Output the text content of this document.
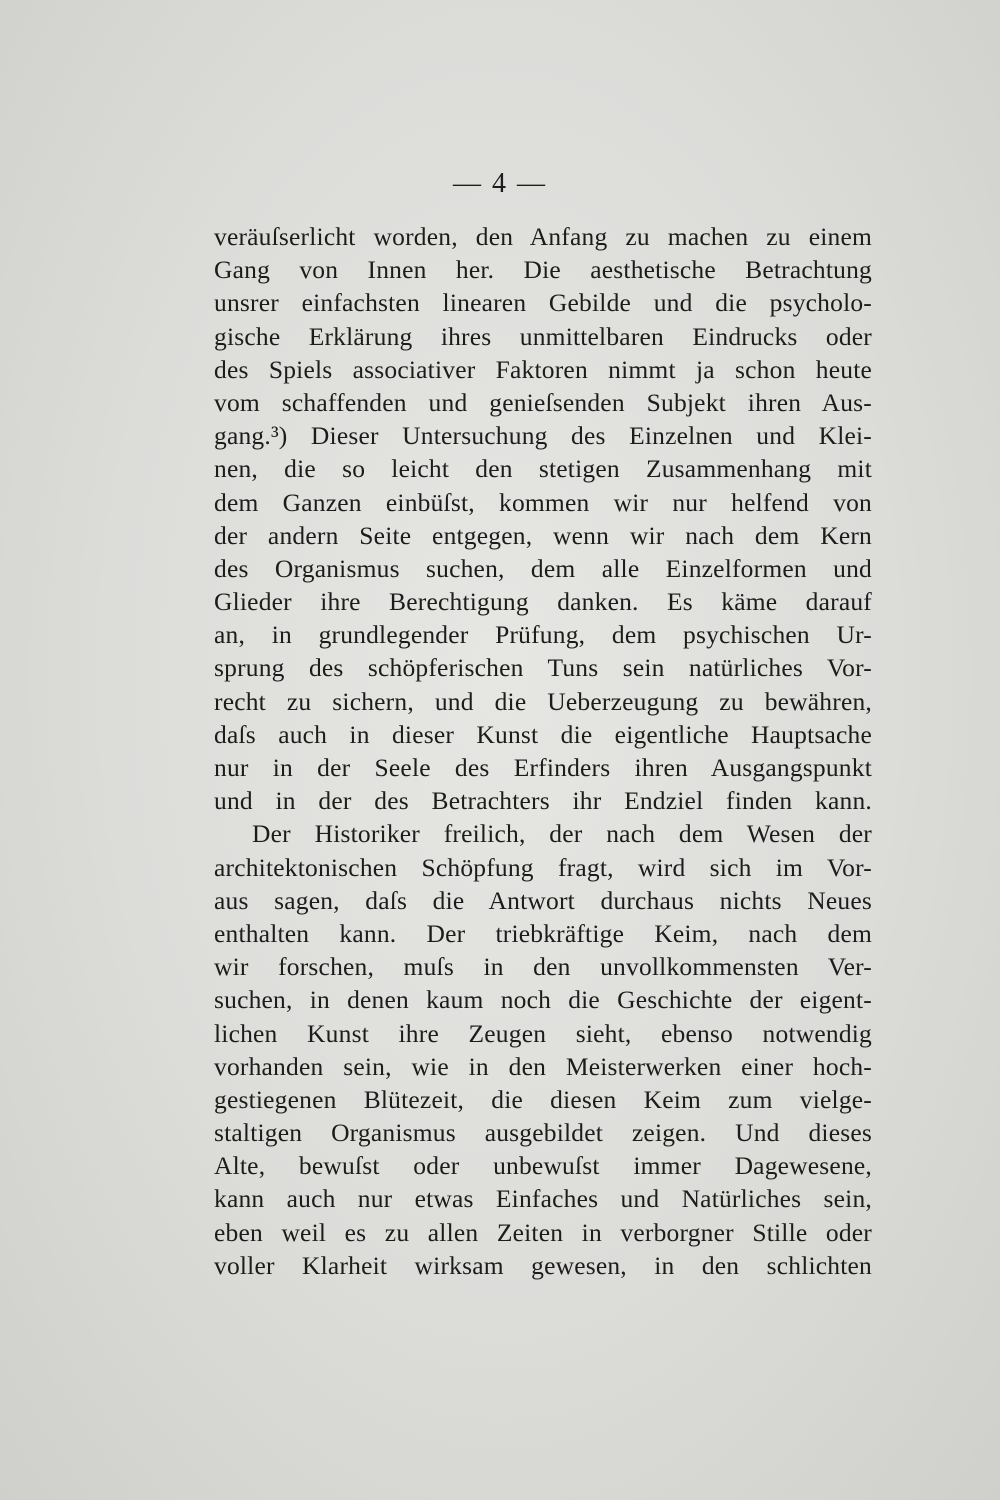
— 4 —
veräuſserlicht worden, den Anfang zu machen zu einem
Gang von Innen her. Die aesthetische Betrachtung
unsrer einfachsten linearen Gebilde und die psycholo-
gische Erklärung ihres unmittelbaren Eindrucks oder
des Spiels associativer Faktoren nimmt ja schon heute
vom schaffenden und genieſsenden Subjekt ihren Aus-
gang.³) Dieser Untersuchung des Einzelnen und Klei-
nen, die so leicht den stetigen Zusammenhang mit
dem Ganzen einbüſst, kommen wir nur helfend von
der andern Seite entgegen, wenn wir nach dem Kern
des Organismus suchen, dem alle Einzelformen und
Glieder ihre Berechtigung danken. Es käme darauf
an, in grundlegender Prüfung, dem psychischen Ur-
sprung des schöpferischen Tuns sein natürliches Vor-
recht zu sichern, und die Ueberzeugung zu bewähren,
daſs auch in dieser Kunst die eigentliche Hauptsache
nur in der Seele des Erfinders ihren Ausgangspunkt
und in der des Betrachters ihr Endziel finden kann.
Der Historiker freilich, der nach dem Wesen der
architektonischen Schöpfung fragt, wird sich im Vor-
aus sagen, daſs die Antwort durchaus nichts Neues
enthalten kann. Der triebkräftige Keim, nach dem
wir forschen, muſs in den unvollkommensten Ver-
suchen, in denen kaum noch die Geschichte der eigent-
lichen Kunst ihre Zeugen sieht, ebenso notwendig
vorhanden sein, wie in den Meisterwerken einer hoch-
gestiegenen Blütezeit, die diesen Keim zum vielge-
staltigen Organismus ausgebildet zeigen. Und dieses
Alte, bewuſst oder unbewuſst immer Dagewesene,
kann auch nur etwas Einfaches und Natürliches sein,
eben weil es zu allen Zeiten in verborgner Stille oder
voller Klarheit wirksam gewesen, in den schlichten
